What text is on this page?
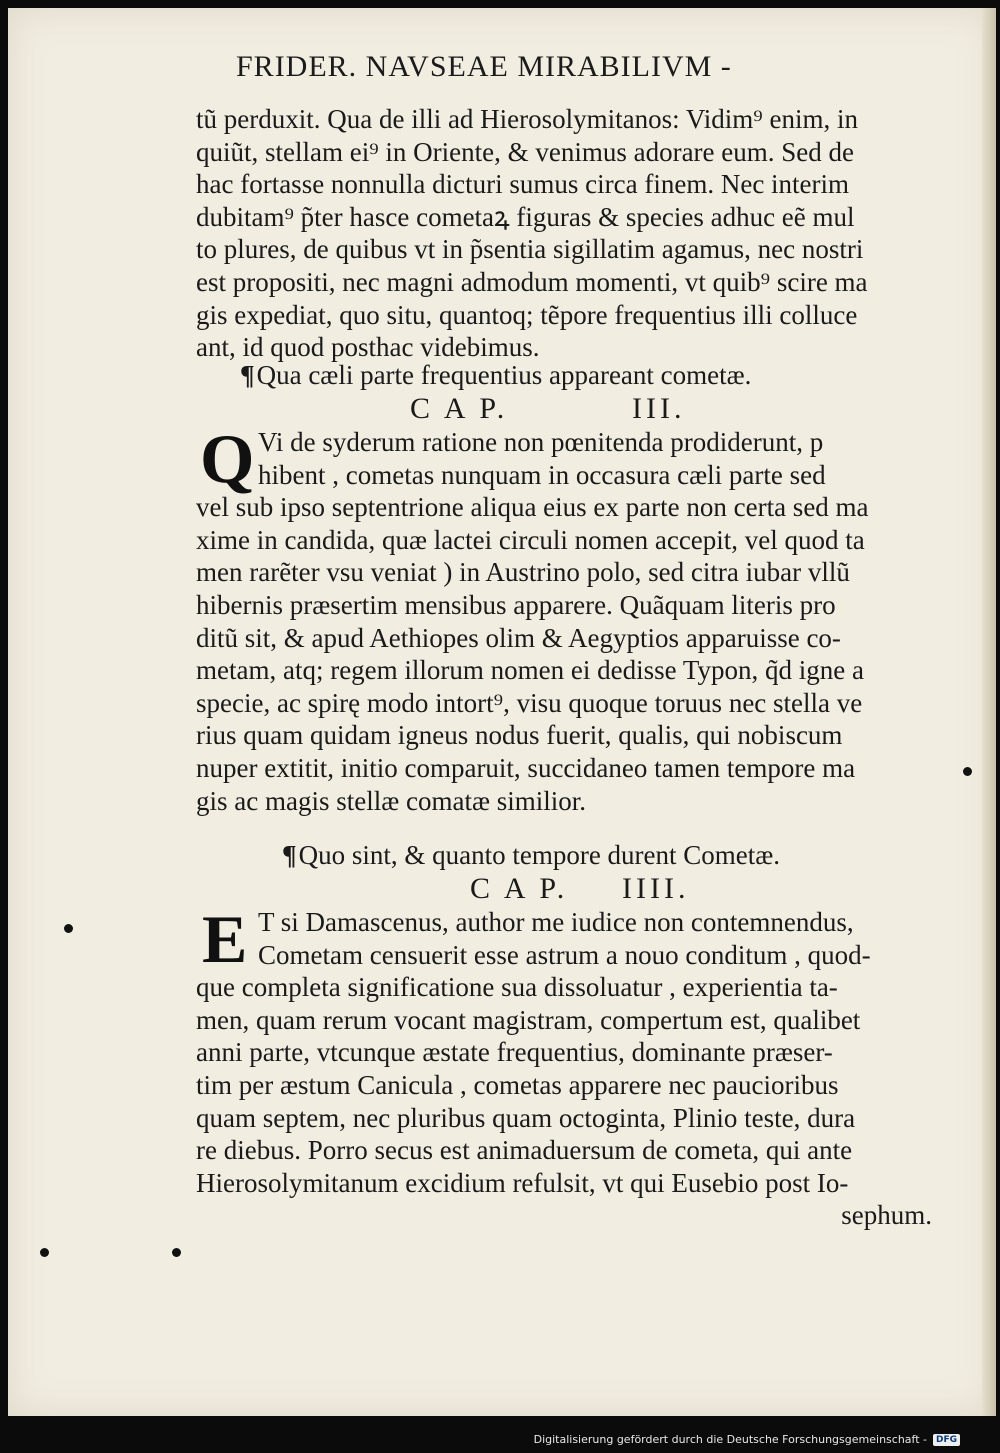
FRIDER. NAVSEAE MIRABILIVM -
tũ perduxit. Qua de illi ad Hierosolymitanos: Vidim⁹ enim, in
quiũt, stellam ei⁹ in Oriente, & venimus adorare eum. Sed de
hac fortasse nonnulla dicturi sumus circa finem. Nec interim
dubitam⁹ p̃ter hasce cometaꝝ figuras & species adhuc eẽ mul
to plures, de quibus vt in p̃sentia sigillatim agamus, nec nostri
est propositi, nec magni admodum momenti, vt quib⁹ scire ma
gis expediat, quo situ, quantoq; tẽpore frequentius illi colluce
ant, id quod posthac videbimus.
¶Qua cæli parte frequentius appareant cometæ.
C A P.	III.
Q Vi de syderum ratione non pœnitenda prodiderunt, p
hibent , cometas nunquam in occasura cæli parte sed
vel sub ipso septentrione aliqua eius ex parte non certa sed ma
xime in candida, quæ lactei circuli nomen accepit, vel quod ta
men rarẽter vsu veniat ) in Austrino polo, sed citra iubar vllũ
hibernis præsertim mensibus apparere. Quãquam literis pro
ditũ sit, & apud Aethiopes olim & Aegyptios apparuisse co-
metam, atq; regem illorum nomen ei dedisse Typon, q̃d igne a
specie, ac spirę modo intort⁹, visu quoque toruus nec stella ve
rius quam quidam igneus nodus fuerit, qualis, qui nobiscum
nuper extitit, initio comparuit, succidaneo tamen tempore ma
gis ac magis stellæ comatæ similior.
¶Quo sint, & quanto tempore durent Cometæ.
C A P. IIII.
E T si Damascenus, author me iudice non contemnendus,
Cometam censuerit esse astrum a nouo conditum , quod-
que completa significatione sua dissoluatur , experientia ta-
men, quam rerum vocant magistram, compertum est, qualibet
anni parte, vtcunque æstate frequentius, dominante præser-
tim per æstum Canicula , cometas apparere nec paucioribus
quam septem, nec pluribus quam octoginta, Plinio teste, dura
re diebus. Porro secus est animaduersum de cometa, qui ante
Hierosolymitanum excidium refulsit, vt qui Eusebio post Io-
sephum.
Digitalisierung gefördert durch die Deutsche Forschungsgemeinschaft -	DFG
